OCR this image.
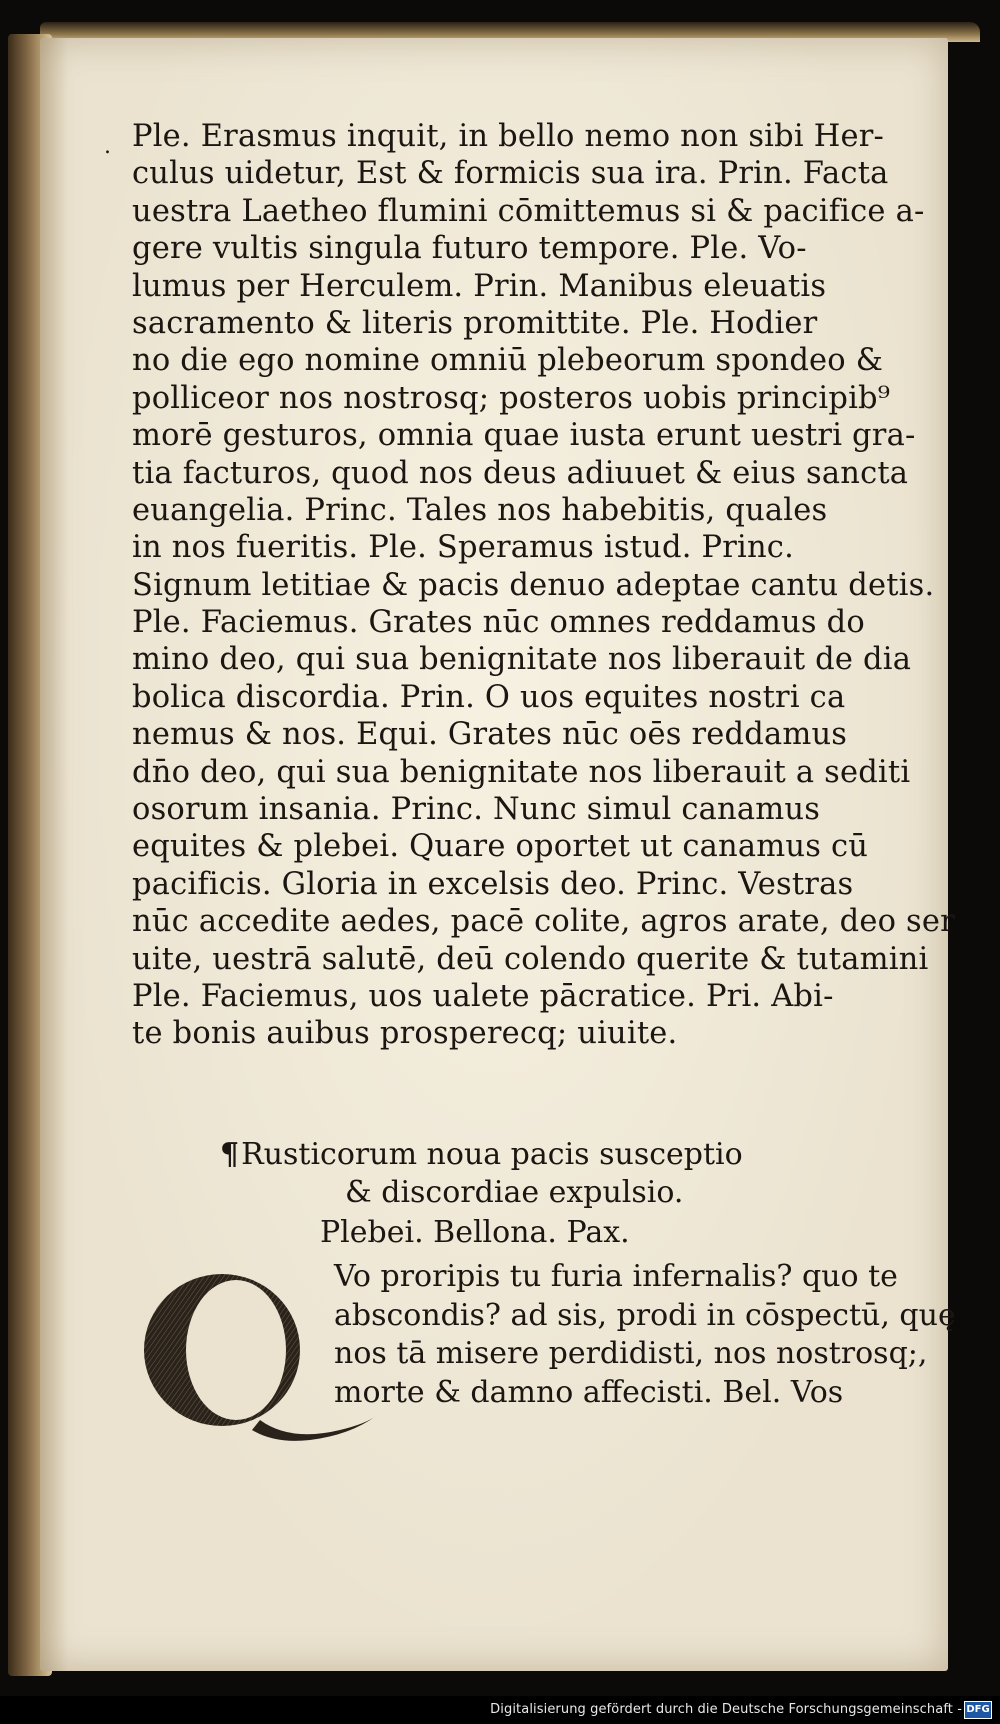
. Ple. Erasmus inquit, in bello nemo non sibi Her-
culus uidetur, Est & formicis sua ira. Prin. Facta
uestra Laetheo flumini cōmittemus si & pacifice a-
gere vultis singula futuro tempore. Ple. Vo-
lumus per Herculem. Prin. Manibus eleuatis
sacramento & literis promittite. Ple. Hodier
no die ego nomine omniū plebeorum spondeo &
polliceor nos nostrosq; posteros uobis principib⁹
morē gesturos, omnia quae iusta erunt uestri gra-
tia facturos, quod nos deus adiuuet & eius sancta
euangelia. Princ. Tales nos habebitis, quales
in nos fueritis. Ple. Speramus istud. Princ.
Signum letitiae & pacis denuo adeptae cantu detis.
Ple. Faciemus. Grates nūc omnes reddamus do
mino deo, qui sua benignitate nos liberauit de dia
bolica discordia. Prin. O uos equites nostri ca
nemus & nos. Equi. Grates nūc oēs reddamus
dn̄o deo, qui sua benignitate nos liberauit a sediti
osorum insania. Princ. Nunc simul canamus
equites & plebei. Quare oportet ut canamus cū
pacificis. Gloria in excelsis deo. Princ. Vestras
nūc accedite aedes, pacē colite, agros arate, deo ser
uite, uestrā salutē, deū colendo querite & tutamini
Ple. Faciemus, uos ualete pācratice. Pri. Abi-
te bonis auibus prosperecq; uiuite.
¶Rusticorum noua pacis susceptio
& discordiae expulsio.
Plebei. Bellona. Pax.
Q	Vo proripis tu furia infernalis? quo te
abscondis? ad sis, prodi in cōspectū, quę
nos tā misere perdidisti, nos nostrosq;,
morte & damno affecisti. Bel. Vos
Digitalisierung gefördert durch die Deutsche Forschungsgemeinschaft - DFG
